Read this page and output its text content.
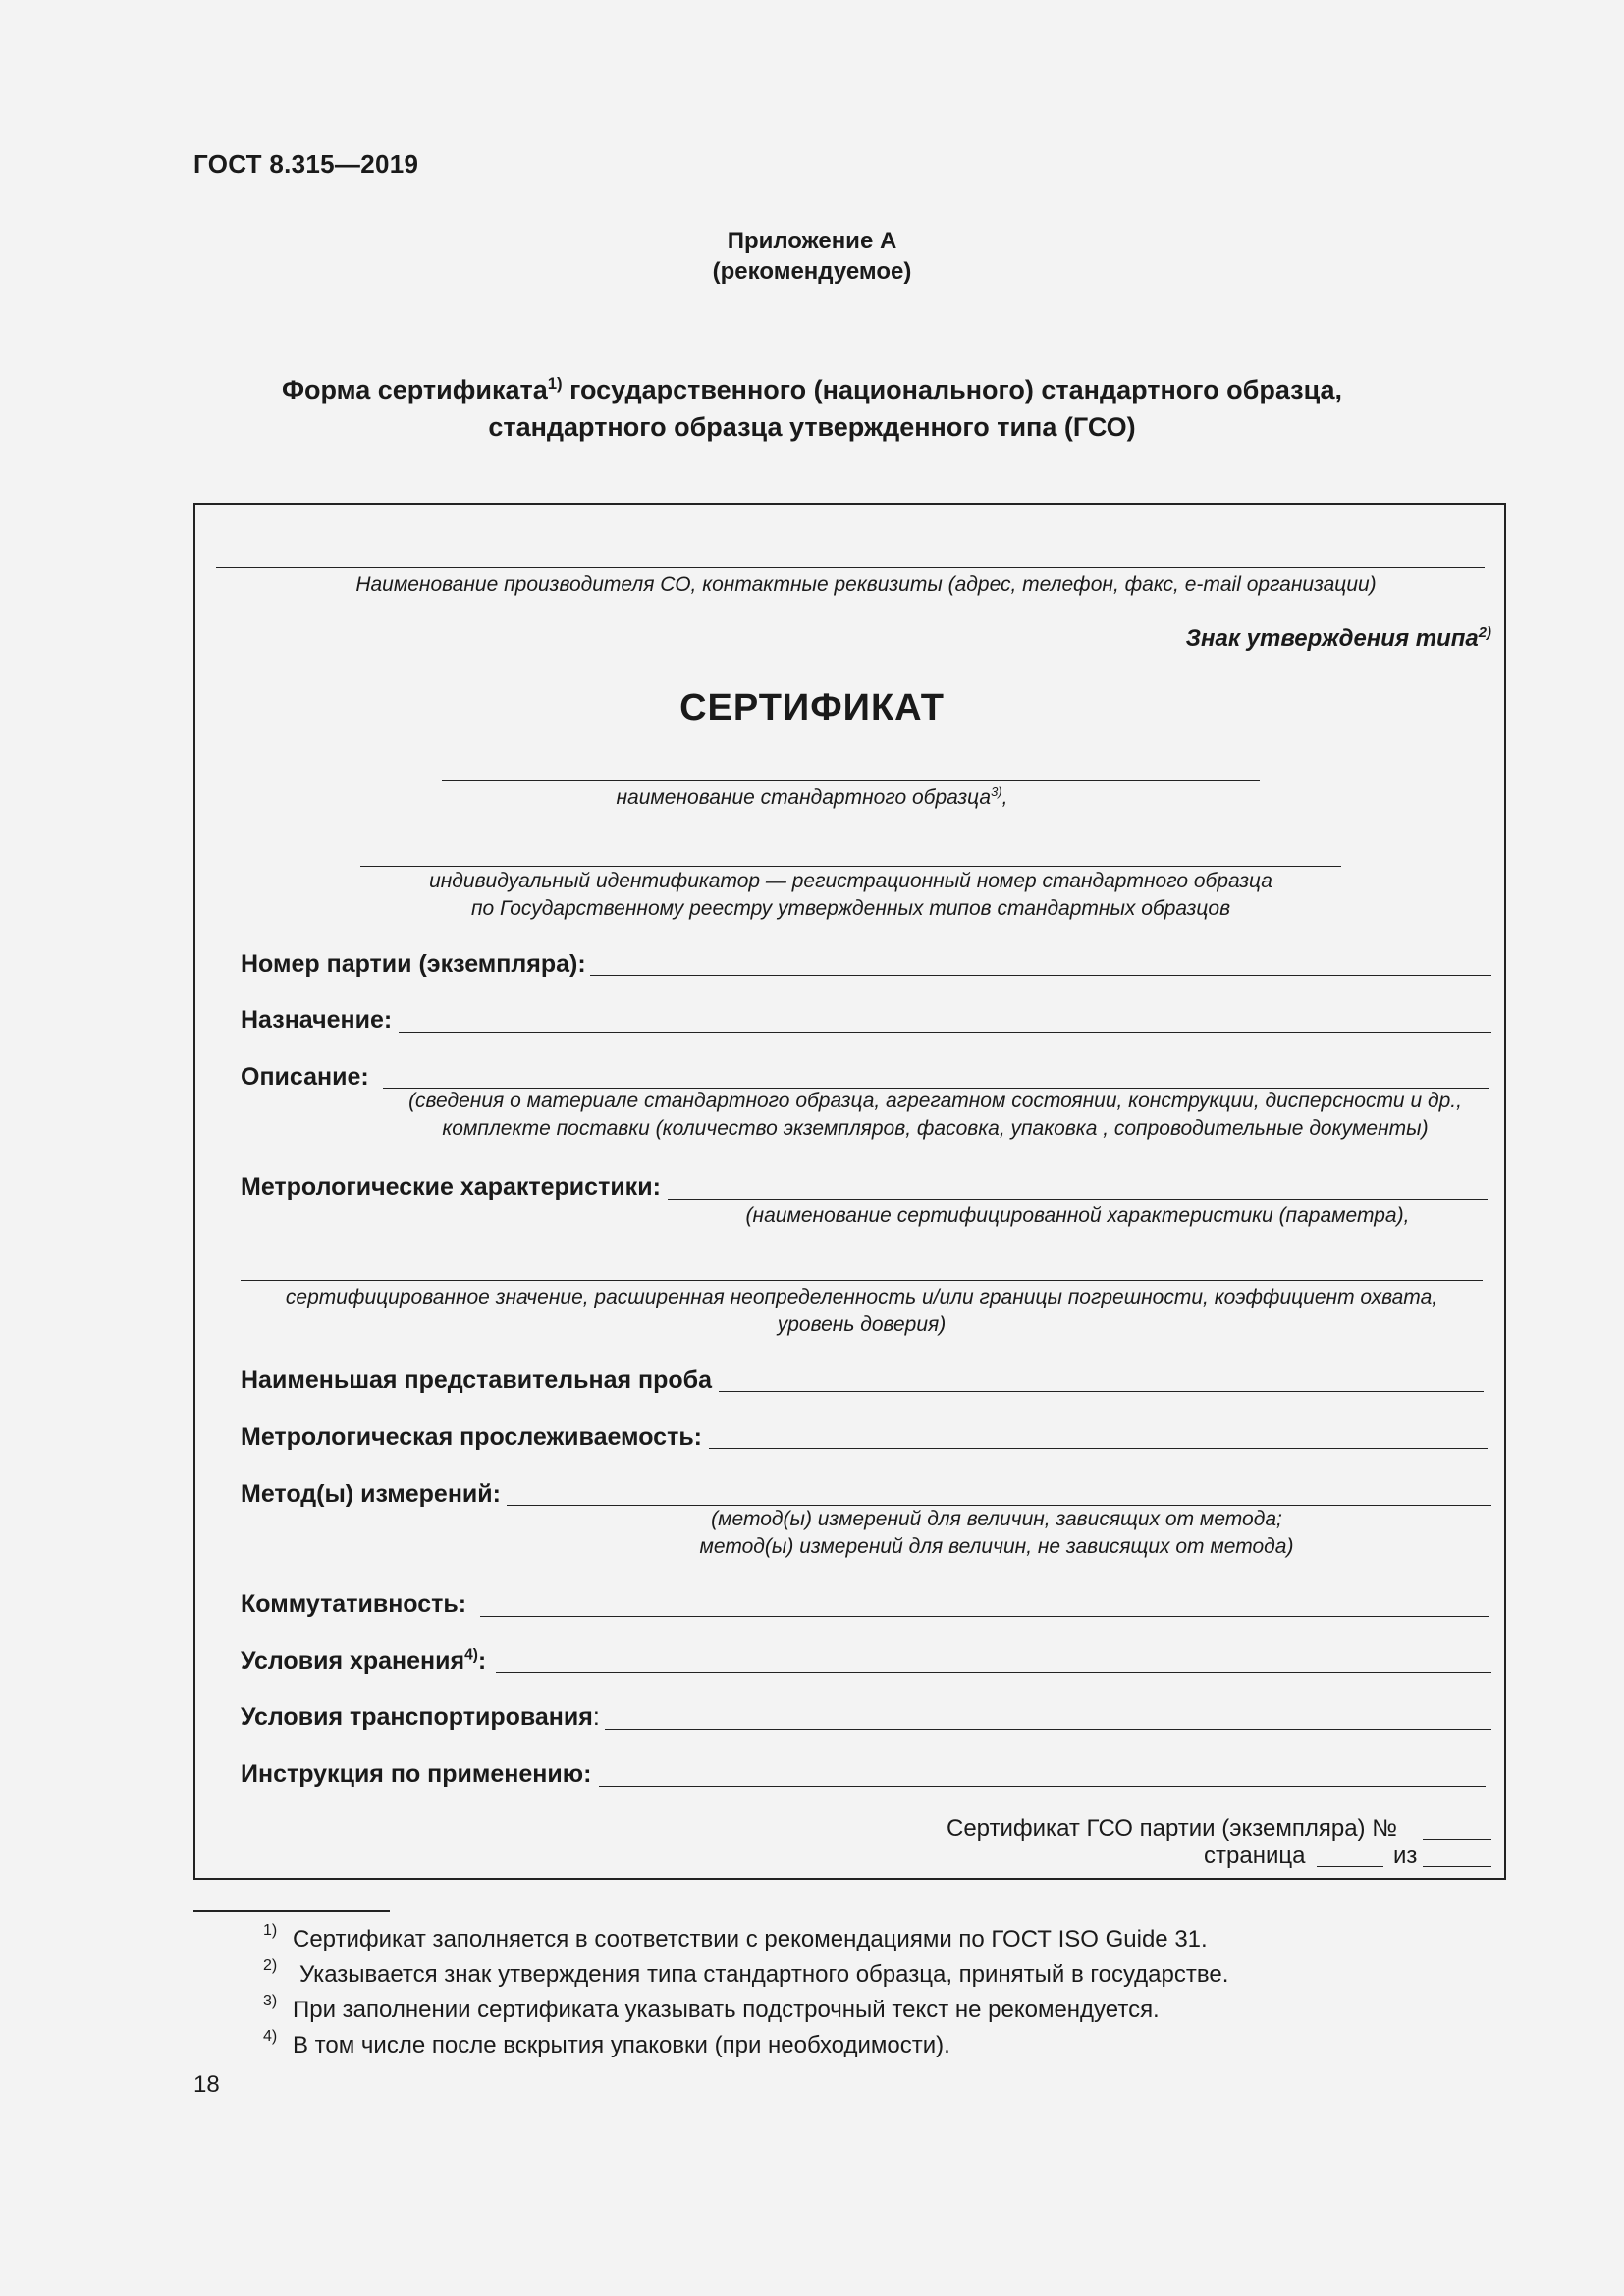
ГОСТ 8.315—2019
Приложение А
(рекомендуемое)
Форма сертификата$^{1)}$ государственного (национального) стандартного образца,
стандартного образца утвержденного типа (ГСО)
Наименование производителя СО, контактные реквизиты (адрес, телефон, факс, e-mail организации)
Знак утверждения типа$^{2)}$
СЕРТИФИКАТ
наименование стандартного образца$^{3)}$,
индивидуальный идентификатор — регистрационный номер стандартного образца
по Государственному реестру утвержденных типов стандартных образцов
Номер партии (экземпляра):
Назначение:
Описание:
(сведения о материале стандартного образца, агрегатном состоянии, конструкции, дисперсности и др.,
комплекте поставки (количество экземпляров, фасовка, упаковка , сопроводительные документы)
Метрологические характеристики:
(наименование сертифицированной характеристики (параметра),
сертифицированное значение, расширенная неопределенность и/или границы погрешности, коэффициент охвата,
уровень доверия)
Наименьшая представительная проба
Метрологическая прослеживаемость:
Метод(ы) измерений:
(метод(ы) измерений для величин, зависящих от метода;
метод(ы) измерений для величин, не зависящих от метода)
Коммутативность:
Условия хранения$^{4)}$:
Условия транспортирования:
Инструкция по применению:
Сертификат ГСО партии (экземпляра) №
страница	из
1) Сертификат заполняется в соответствии с рекомендациями по ГОСТ ISO Guide 31.
2) Указывается знак утверждения типа стандартного образца, принятый в государстве.
3) При заполнении сертификата указывать подстрочный текст не рекомендуется.
4) В том числе после вскрытия упаковки (при необходимости).
18
